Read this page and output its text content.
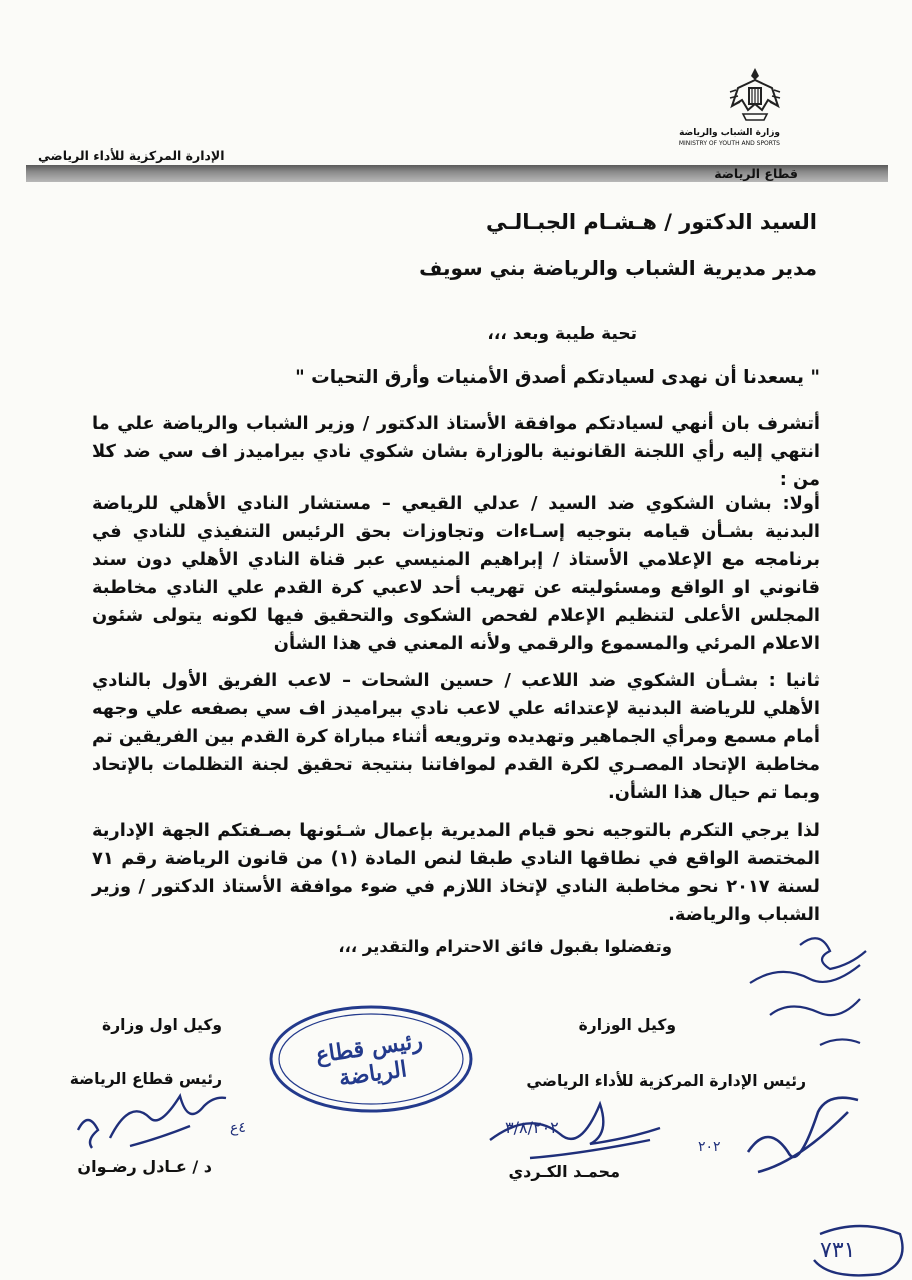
وزارة الشباب والرياضة
MINISTRY OF YOUTH AND SPORTS
الإدارة المركزية للأداء الرياضي
قطاع الرياضة
السيد الدكتور / هـشـام الجبـالـي
مدير مديرية الشباب والرياضة بني سويف
تحية طيبة وبعد ،،،
" يسعدنا أن نهدى لسيادتكم أصدق الأمنيات وأرق التحيات "
أتشرف بان أنهي لسيادتكم موافقة الأستاذ الدكتور / وزير الشباب والرياضة علي ما انتهي إليه رأي اللجنة القانونية بالوزارة بشان شكوي نادي بيراميدز اف سي ضد كلا من :
أولا: بشان الشكوي ضد السيد / عدلي القيعي – مستشار النادي الأهلي للرياضة البدنية بشـأن قيامه بتوجيه إسـاءات وتجاوزات بحق الرئيس التنفيذي للنادي في برنامجه مع الإعلامي الأستاذ / إبراهيم المنيسي عبر قناة النادي الأهلي دون سند قانوني او الواقع ومسئوليته عن تهريب أحد لاعبي كرة القدم علي النادي مخاطبة المجلس الأعلى لتنظيم الإعلام لفحص الشكوى والتحقيق فيها لكونه يتولى شئون الاعلام المرئي والمسموع والرقمي ولأنه المعني في هذا الشأن
ثانيا : بشـأن الشكوي ضد اللاعب / حسين الشحات – لاعب الفريق الأول بالنادي الأهلي للرياضة البدنية لإعتدائه علي لاعب نادي بيراميدز اف سي بصفعه علي وجهه أمام مسمع ومرأي الجماهير وتهديده وترويعه أثناء مباراة كرة القدم بين الفريقين تم مخاطبة الإتحاد المصـري لكرة القدم لموافاتنا بنتيجة تحقيق لجنة التظلمات بالإتحاد وبما تم حيال هذا الشأن.
لذا يرجي التكرم بالتوجيه نحو قيام المديرية بإعمال شـئونها بصـفتكم الجهة الإدارية المختصة الواقع في نطاقها النادي طبقا لنص المادة (١) من قانون الرياضة رقم ٧١ لسنة ٢٠١٧ نحو مخاطبة النادي لإتخاذ اللازم في ضوء موافقة الأستاذ الدكتور / وزير الشباب والرياضة.
وتفضلوا بقبول فائق الاحترام والتقدير ،،،
وكيل الوزارة
رئيس الإدارة المركزية للأداء الرياضي
محمـد الكـردي
وكيل اول وزارة
رئيس قطاع الرياضة
د / عـادل رضـوان
رئيس قطاع الرياضة
٤ع	٣/٨/٢٠٢
٢٠٢
٧٣١
